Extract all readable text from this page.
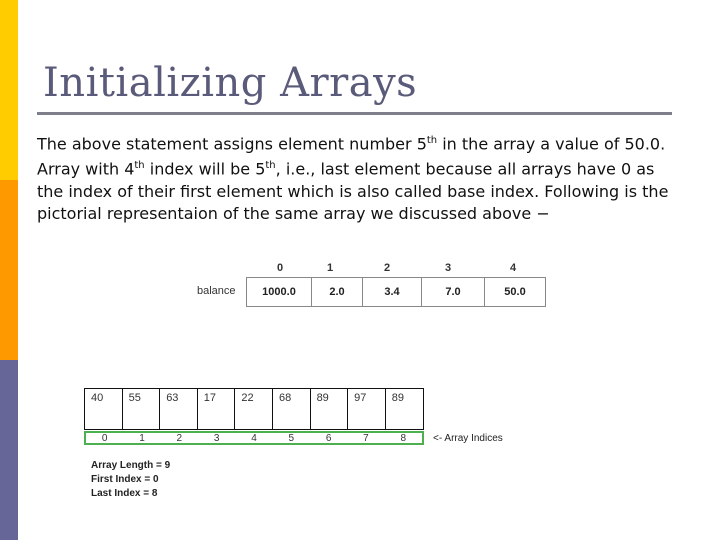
Initializing Arrays
The above statement assigns element number 5th in the array a value of 50.0. Array with 4th index will be 5th, i.e., last element because all arrays have 0 as the index of their first element which is also called base index. Following is the pictorial representaion of the same array we discussed above −
balance
0	1	2	3	4
1000.0	2.0	3.4	7.0	50.0
40	55	63	17	22	68	89	97	89
0	1	2	3	4	5	6	7	8	<- Array Indices
Array Length = 9
First Index = 0
Last Index = 8
